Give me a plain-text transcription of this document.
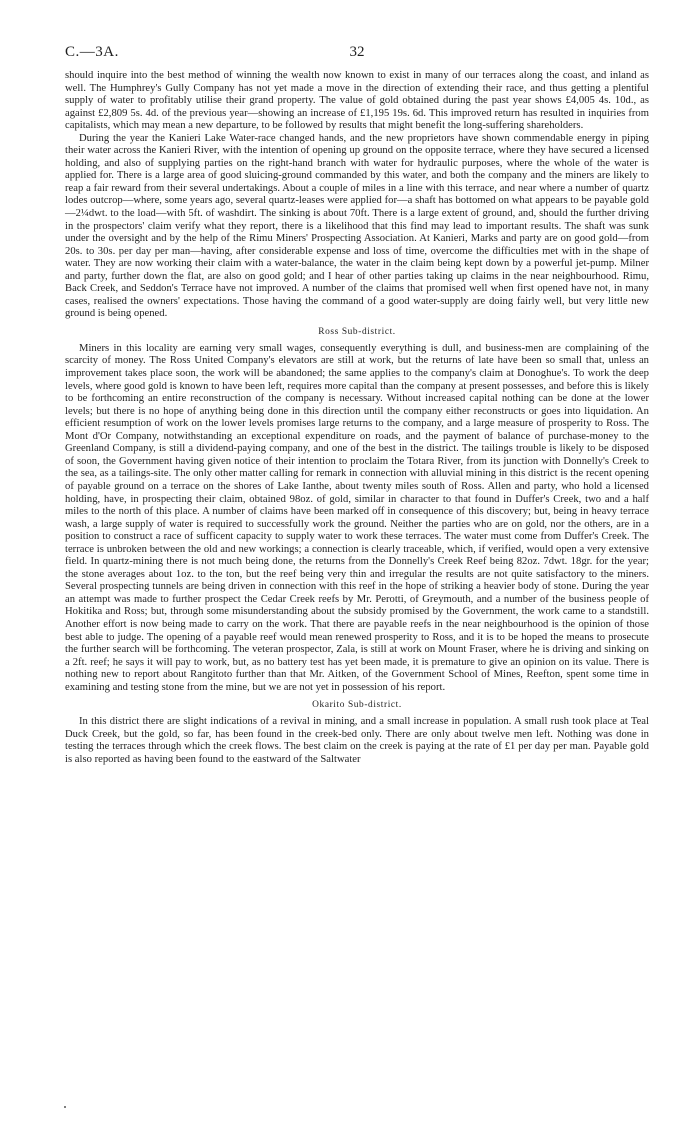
C.—3A.	32

should inquire into the best method of winning the wealth now known to exist in many of our terraces along the coast, and inland as well. The Humphrey's Gully Company has not yet made a move in the direction of extending their race, and thus getting a plentiful supply of water to profitably utilise their grand property. The value of gold obtained during the past year shows £4,005 4s. 10d., as against £2,809 5s. 4d. of the previous year—showing an increase of £1,195 19s. 6d. This improved return has resulted in inquiries from capitalists, which may mean a new departure, to be followed by results that might benefit the long-suffering shareholders.

During the year the Kanieri Lake Water-race changed hands, and the new proprietors have shown commendable energy in piping their water across the Kanieri River, with the intention of opening up ground on the opposite terrace, where they have secured a licensed holding, and also of supplying parties on the right-hand branch with water for hydraulic purposes, where the whole of the water is applied for. There is a large area of good sluicing-ground commanded by this water, and both the company and the miners are likely to reap a fair reward from their several undertakings. About a couple of miles in a line with this terrace, and near where a number of quartz lodes outcrop—where, some years ago, several quartz-leases were applied for—a shaft has bottomed on what appears to be payable gold—2¼dwt. to the load—with 5ft. of washdirt. The sinking is about 70ft. There is a large extent of ground, and, should the further driving in the prospectors' claim verify what they report, there is a likelihood that this find may lead to important results. The shaft was sunk under the oversight and by the help of the Rimu Miners' Prospecting Association. At Kanieri, Marks and party are on good gold—from 20s. to 30s. per day per man—having, after considerable expense and loss of time, overcome the difficulties met with in the shape of water. They are now working their claim with a water-balance, the water in the claim being kept down by a powerful jet-pump. Milner and party, further down the flat, are also on good gold; and I hear of other parties taking up claims in the near neighbourhood. Rimu, Back Creek, and Seddon's Terrace have not improved. A number of the claims that promised well when first opened have not, in many cases, realised the owners' expectations. Those having the command of a good water-supply are doing fairly well, but very little new ground is being opened.

Ross Sub-district.

Miners in this locality are earning very small wages, consequently everything is dull, and business-men are complaining of the scarcity of money. The Ross United Company's elevators are still at work, but the returns of late have been so small that, unless an improvement takes place soon, the work will be abandoned; the same applies to the company's claim at Donoghue's. To work the deep levels, where good gold is known to have been left, requires more capital than the company at present possesses, and before this is likely to be forthcoming an entire reconstruction of the company is necessary. Without increased capital nothing can be done at the lower levels; but there is no hope of anything being done in this direction until the company either reconstructs or goes into liquidation. An efficient resumption of work on the lower levels promises large returns to the company, and a large measure of prosperity to Ross. The Mont d'Or Company, notwithstanding an exceptional expenditure on roads, and the payment of balance of purchase-money to the Greenland Company, is still a dividend-paying company, and one of the best in the district. The tailings trouble is likely to be disposed of soon, the Government having given notice of their intention to proclaim the Totara River, from its junction with Donnelly's Creek to the sea, as a tailings-site. The only other matter calling for remark in connection with alluvial mining in this district is the recent opening of payable ground on a terrace on the shores of Lake Ianthe, about twenty miles south of Ross. Allen and party, who hold a licensed holding, have, in prospecting their claim, obtained 98oz. of gold, similar in character to that found in Duffer's Creek, two and a half miles to the north of this place. A number of claims have been marked off in consequence of this discovery; but, being in heavy terrace wash, a large supply of water is required to successfully work the ground. Neither the parties who are on gold, nor the others, are in a position to construct a race of sufficent capacity to supply water to work these terraces. The water must come from Duffer's Creek. The terrace is unbroken between the old and new workings; a connection is clearly traceable, which, if verified, would open a very extensive field. In quartz-mining there is not much being done, the returns from the Donnelly's Creek Reef being 82oz. 7dwt. 18gr. for the year; the stone averages about 1oz. to the ton, but the reef being very thin and irregular the results are not quite satisfactory to the miners. Several prospecting tunnels are being driven in connection with this reef in the hope of striking a heavier body of stone. During the year an attempt was made to further prospect the Cedar Creek reefs by Mr. Perotti, of Greymouth, and a number of the business people of Hokitika and Ross; but, through some misunderstanding about the subsidy promised by the Government, the work came to a standstill. Another effort is now being made to carry on the work. That there are payable reefs in the near neighbourhood is the opinion of those best able to judge. The opening of a payable reef would mean renewed prosperity to Ross, and it is to be hoped the means to prosecute the further search will be forthcoming. The veteran prospector, Zala, is still at work on Mount Fraser, where he is driving and sinking on a 2ft. reef; he says it will pay to work, but, as no battery test has yet been made, it is premature to give an opinion on its value. There is nothing new to report about Rangitoto further than that Mr. Aitken, of the Government School of Mines, Reefton, spent some time in examining and testing stone from the mine, but we are not yet in possession of his report.

Okarito Sub-district.

In this district there are slight indications of a revival in mining, and a small increase in population. A small rush took place at Teal Duck Creek, but the gold, so far, has been found in the creek-bed only. There are only about twelve men left. Nothing was done in testing the terraces through which the creek flows. The best claim on the creek is paying at the rate of £1 per day per man. Payable gold is also reported as having been found to the eastward of the Saltwater
